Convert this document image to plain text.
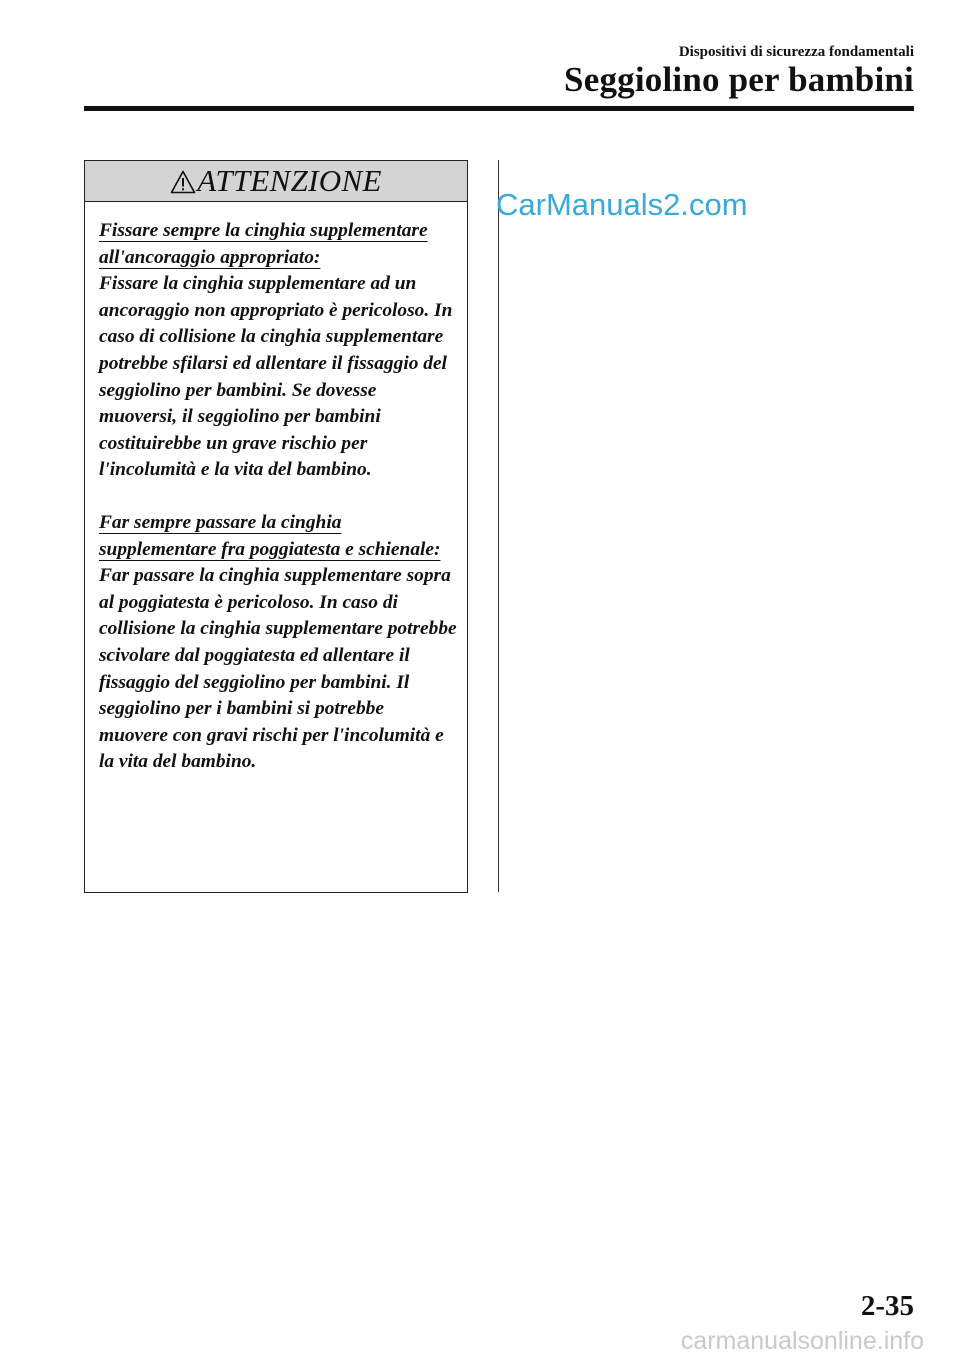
Dispositivi di sicurezza fondamentali
Seggiolino per bambini
ATTENZIONE

Fissare sempre la cinghia supplementare all'ancoraggio appropriato:
Fissare la cinghia supplementare ad un ancoraggio non appropriato è pericoloso. In caso di collisione la cinghia supplementare potrebbe sfilarsi ed allentare il fissaggio del seggiolino per bambini. Se dovesse muoversi, il seggiolino per bambini costituirebbe un grave rischio per l'incolumità e la vita del bambino.

Far sempre passare la cinghia supplementare fra poggiatesta e schienale:
Far passare la cinghia supplementare sopra al poggiatesta è pericoloso. In caso di collisione la cinghia supplementare potrebbe scivolare dal poggiatesta ed allentare il fissaggio del seggiolino per bambini. Il seggiolino per i bambini si potrebbe muovere con gravi rischi per l'incolumità e la vita del bambino.

CarManuals2.com
2-35
carmanualsonline.info
